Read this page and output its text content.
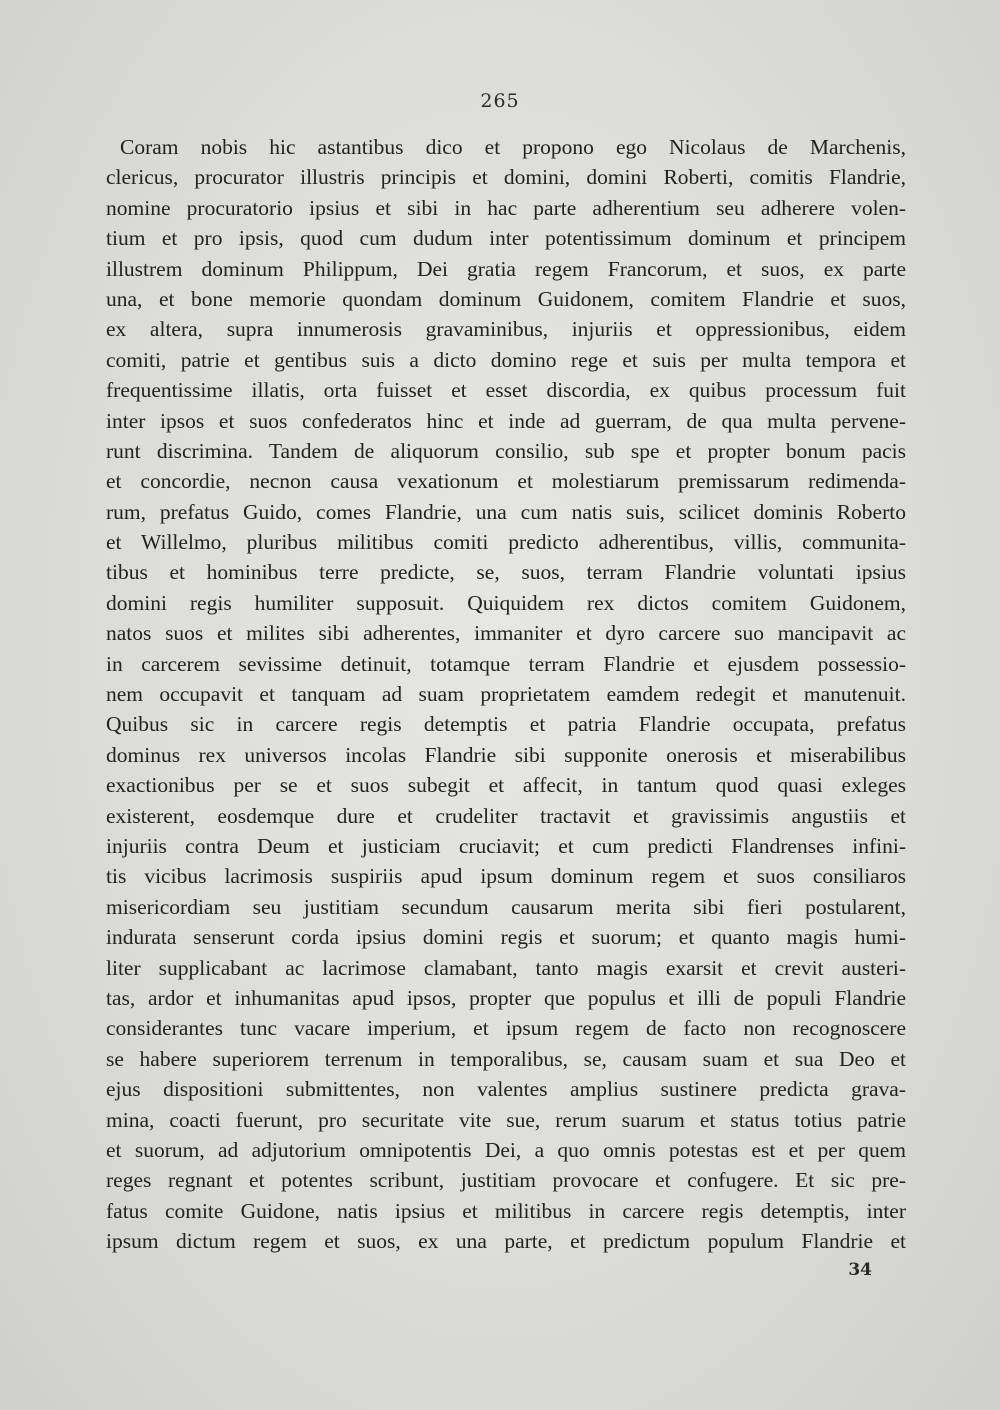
265
Coram nobis hic astantibus dico et propono ego Nicolaus de Marchenis,
clericus, procurator illustris principis et domini, domini Roberti, comitis Flandrie,
nomine procuratorio ipsius et sibi in hac parte adherentium seu adherere volen-
tium et pro ipsis, quod cum dudum inter potentissimum dominum et principem
illustrem dominum Philippum, Dei gratia regem Francorum, et suos, ex parte
una, et bone memorie quondam dominum Guidonem, comitem Flandrie et suos,
ex altera, supra innumerosis gravaminibus, injuriis et oppressionibus, eidem
comiti, patrie et gentibus suis a dicto domino rege et suis per multa tempora et
frequentissime illatis, orta fuisset et esset discordia, ex quibus processum fuit
inter ipsos et suos confederatos hinc et inde ad guerram, de qua multa pervene-
runt discrimina. Tandem de aliquorum consilio, sub spe et propter bonum pacis
et concordie, necnon causa vexationum et molestiarum premissarum redimenda-
rum, prefatus Guido, comes Flandrie, una cum natis suis, scilicet dominis Roberto
et Willelmo, pluribus militibus comiti predicto adherentibus, villis, communita-
tibus et hominibus terre predicte, se, suos, terram Flandrie voluntati ipsius
domini regis humiliter supposuit. Quiquidem rex dictos comitem Guidonem,
natos suos et milites sibi adherentes, immaniter et dyro carcere suo mancipavit ac
in carcerem sevissime detinuit, totamque terram Flandrie et ejusdem possessio-
nem occupavit et tanquam ad suam proprietatem eamdem redegit et manutenuit.
Quibus sic in carcere regis detemptis et patria Flandrie occupata, prefatus
dominus rex universos incolas Flandrie sibi supponite onerosis et miserabilibus
exactionibus per se et suos subegit et affecit, in tantum quod quasi exleges
existerent, eosdemque dure et crudeliter tractavit et gravissimis angustiis et
injuriis contra Deum et justiciam cruciavit; et cum predicti Flandrenses infini-
tis vicibus lacrimosis suspiriis apud ipsum dominum regem et suos consiliaros
misericordiam seu justitiam secundum causarum merita sibi fieri postularent,
indurata senserunt corda ipsius domini regis et suorum; et quanto magis humi-
liter supplicabant ac lacrimose clamabant, tanto magis exarsit et crevit austeri-
tas, ardor et inhumanitas apud ipsos, propter que populus et illi de populi Flandrie
considerantes tunc vacare imperium, et ipsum regem de facto non recognoscere
se habere superiorem terrenum in temporalibus, se, causam suam et sua Deo et
ejus dispositioni submittentes, non valentes amplius sustinere predicta grava-
mina, coacti fuerunt, pro securitate vite sue, rerum suarum et status totius patrie
et suorum, ad adjutorium omnipotentis Dei, a quo omnis potestas est et per quem
reges regnant et potentes scribunt, justitiam provocare et confugere. Et sic pre-
fatus comite Guidone, natis ipsius et militibus in carcere regis detemptis, inter
ipsum dictum regem et suos, ex una parte, et predictum populum Flandrie et
34
